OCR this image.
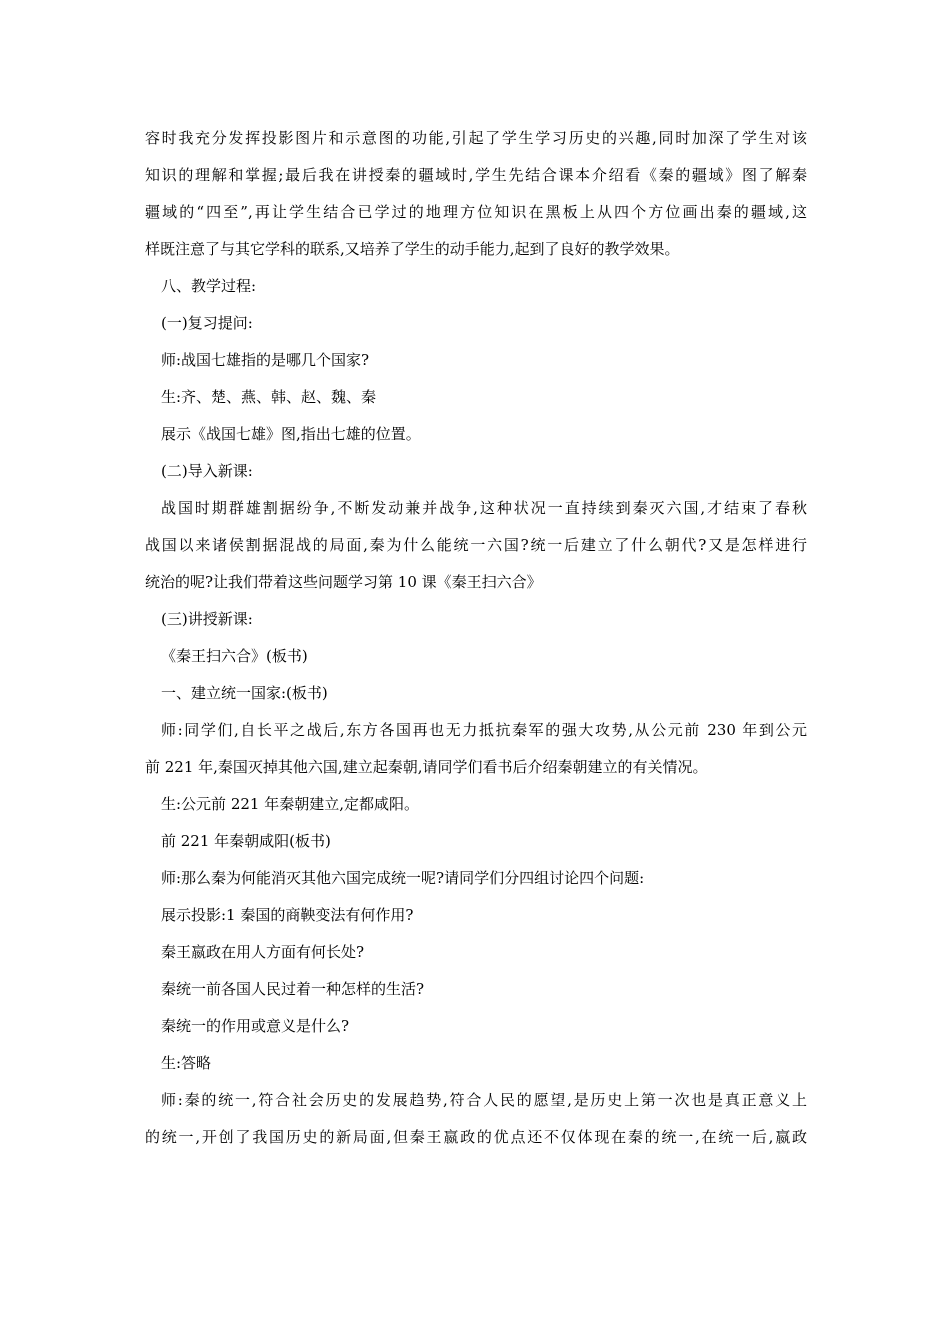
容时我充分发挥投影图片和示意图的功能,引起了学生学习历史的兴趣,同时加深了学生对该
知识的理解和掌握;最后我在讲授秦的疆域时,学生先结合课本介绍看《秦的疆域》图了解秦
疆域的“四至”,再让学生结合已学过的地理方位知识在黑板上从四个方位画出秦的疆域,这
样既注意了与其它学科的联系,又培养了学生的动手能力,起到了良好的教学效果。
八、教学过程:
(一)复习提问:
师:战国七雄指的是哪几个国家?
生:齐、楚、燕、韩、赵、魏、秦
展示《战国七雄》图,指出七雄的位置。
(二)导入新课:
战国时期群雄割据纷争,不断发动兼并战争,这种状况一直持续到秦灭六国,才结束了春秋
战国以来诸侯割据混战的局面,秦为什么能统一六国?统一后建立了什么朝代?又是怎样进行
统治的呢?让我们带着这些问题学习第 10 课《秦王扫六合》
(三)讲授新课:
《秦王扫六合》(板书)
一、建立统一国家:(板书)
师:同学们,自长平之战后,东方各国再也无力抵抗秦军的强大攻势,从公元前 230 年到公元
前 221 年,秦国灭掉其他六国,建立起秦朝,请同学们看书后介绍秦朝建立的有关情况。
生:公元前 221 年秦朝建立,定都咸阳。
前 221 年秦朝咸阳(板书)
师:那么秦为何能消灭其他六国完成统一呢?请同学们分四组讨论四个问题:
展示投影:1 秦国的商鞅变法有何作用?
秦王嬴政在用人方面有何长处?
秦统一前各国人民过着一种怎样的生活?
秦统一的作用或意义是什么?
生:答略
师:秦的统一,符合社会历史的发展趋势,符合人民的愿望,是历史上第一次也是真正意义上
的统一,开创了我国历史的新局面,但秦王嬴政的优点还不仅体现在秦的统一,在统一后,嬴政
